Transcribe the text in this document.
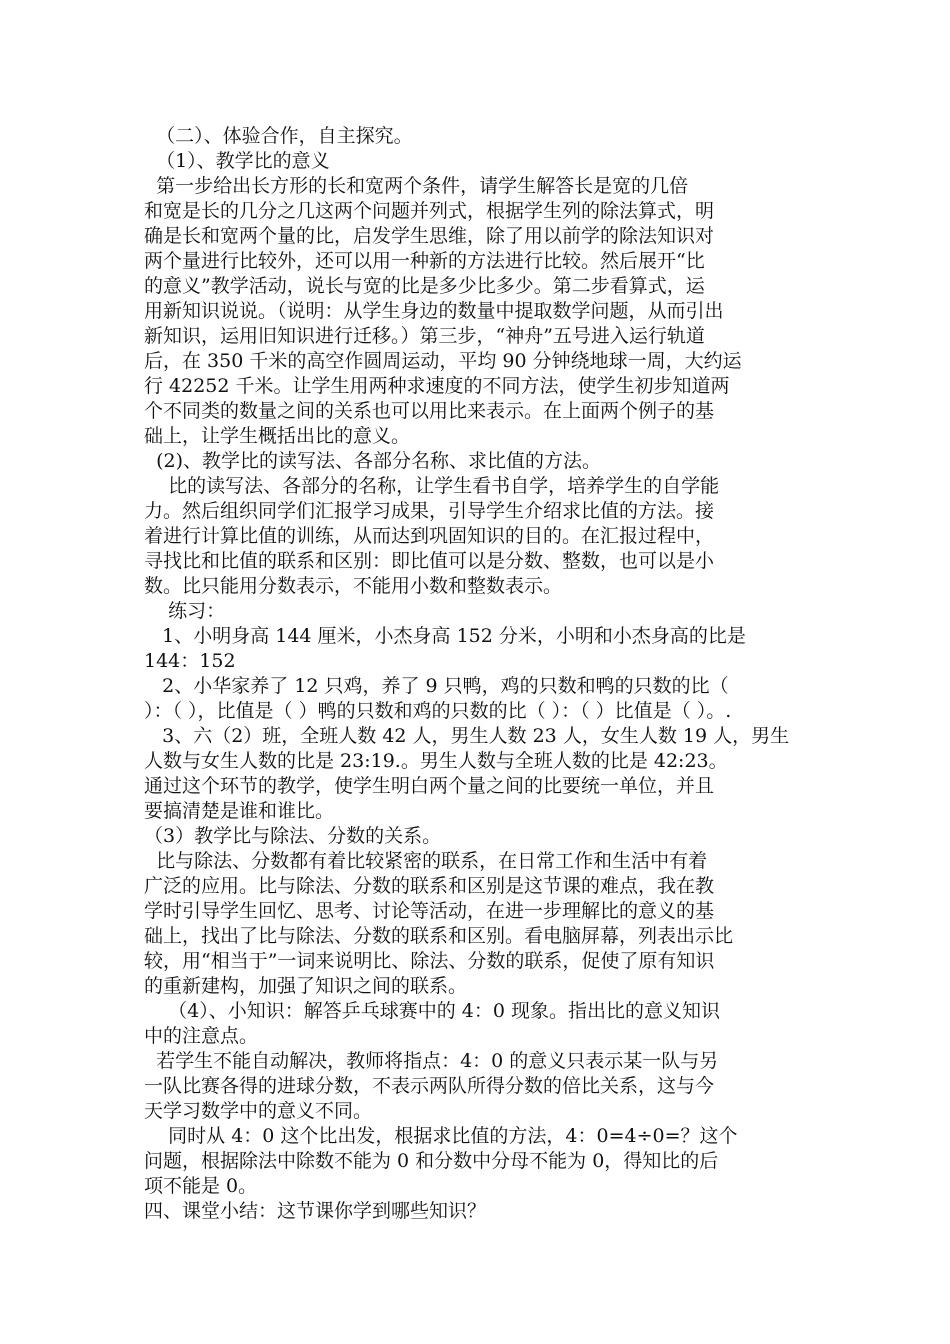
（二）、体验合作，自主探究。
（1）、教学比的意义
第一步给出长方形的长和宽两个条件，请学生解答长是宽的几倍
和宽是长的几分之几这两个问题并列式，根据学生列的除法算式，明
确是长和宽两个量的比，启发学生思维，除了用以前学的除法知识对
两个量进行比较外，还可以用一种新的方法进行比较。然后展开“比
的意义”教学活动，说长与宽的比是多少比多少。第二步看算式，运
用新知识说说。（说明：从学生身边的数量中提取数学问题，从而引出
新知识，运用旧知识进行迁移。）第三步，“神舟”五号进入运行轨道
后，在 350 千米的高空作圆周运动，平均 90 分钟绕地球一周，大约运
行 42252 千米。让学生用两种求速度的不同方法，使学生初步知道两
个不同类的数量之间的关系也可以用比来表示。在上面两个例子的基
础上，让学生概括出比的意义。
(2)、教学比的读写法、各部分名称、求比值的方法。
比的读写法、各部分的名称，让学生看书自学，培养学生的自学能
力。然后组织同学们汇报学习成果，引导学生介绍求比值的方法。接
着进行计算比值的训练，从而达到巩固知识的目的。在汇报过程中，
寻找比和比值的联系和区别：即比值可以是分数、整数，也可以是小
数。比只能用分数表示，不能用小数和整数表示。
练习：
1、小明身高 144 厘米，小杰身高 152 分米，小明和小杰身高的比是
144：152
2、小华家养了 12 只鸡，养了 9 只鸭，鸡的只数和鸭的只数的比（
）：（ ），比值是（ ）鸭的只数和鸡的只数的比（ ）：（ ）比值是（ ）。.
3、六（2）班，全班人数 42 人，男生人数 23 人，女生人数 19 人，男生
人数与女生人数的比是 23:19.。男生人数与全班人数的比是 42:23。
通过这个环节的教学，使学生明白两个量之间的比要统一单位，并且
要搞清楚是谁和谁比。
（3）教学比与除法、分数的关系。
比与除法、分数都有着比较紧密的联系，在日常工作和生活中有着
广泛的应用。比与除法、分数的联系和区别是这节课的难点，我在教
学时引导学生回忆、思考、讨论等活动，在进一步理解比的意义的基
础上，找出了比与除法、分数的联系和区别。看电脑屏幕，列表出示比
较，用“相当于”一词来说明比、除法、分数的联系，促使了原有知识
的重新建构，加强了知识之间的联系。
（4）、小知识：解答乒乓球赛中的 4：0 现象。指出比的意义知识
中的注意点。
若学生不能自动解决，教师将指点：4：0 的意义只表示某一队与另
一队比赛各得的进球分数，不表示两队所得分数的倍比关系，这与今
天学习数学中的意义不同。
同时从 4：0 这个比出发，根据求比值的方法，4：0=4÷0=？这个
问题，根据除法中除数不能为 0 和分数中分母不能为 0，得知比的后
项不能是 0。
四、课堂小结：这节课你学到哪些知识？
